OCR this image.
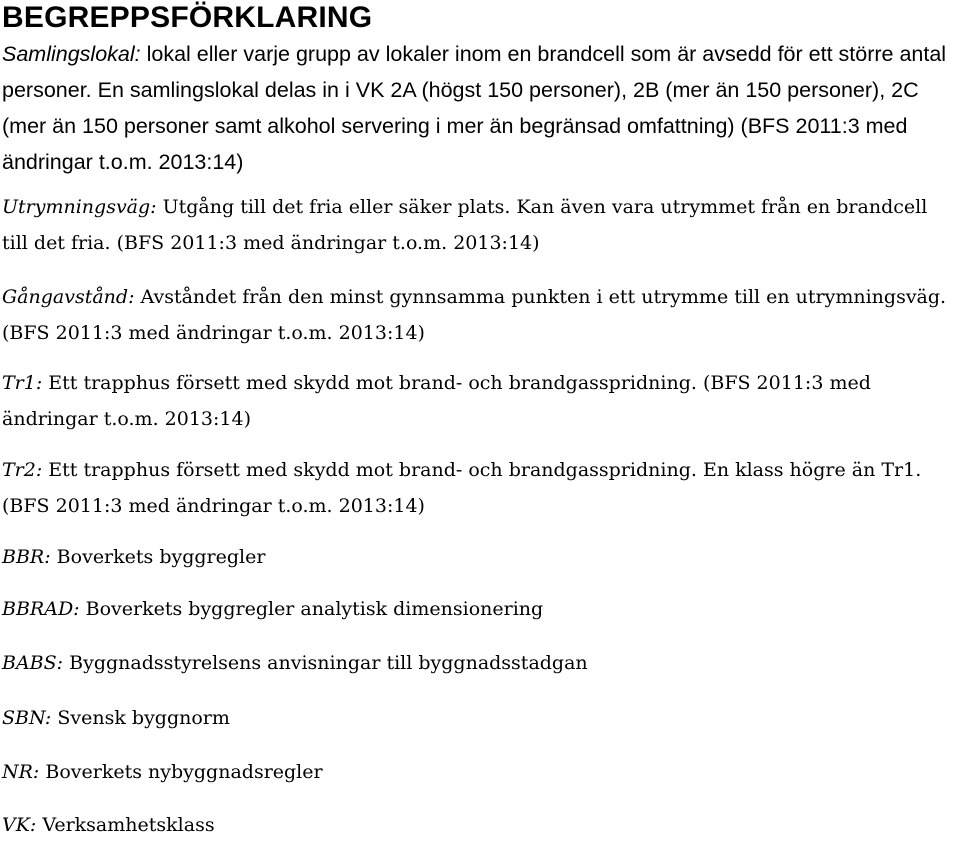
BEGREPPSFÖRKLARING

Samlingslokal: lokal eller varje grupp av lokaler inom en brandcell som är avsedd för ett större antal personer. En samlingslokal delas in i VK 2A (högst 150 personer), 2B (mer än 150 personer), 2C (mer än 150 personer samt alkohol servering i mer än begränsad omfattning) (BFS 2011:3 med ändringar t.o.m. 2013:14)

Utrymningsväg: Utgång till det fria eller säker plats. Kan även vara utrymmet från en brandcell till det fria. (BFS 2011:3 med ändringar t.o.m. 2013:14)

Gångavstånd: Avståndet från den minst gynnsamma punkten i ett utrymme till en utrymningsväg. (BFS 2011:3 med ändringar t.o.m. 2013:14)

Tr1: Ett trapphus försett med skydd mot brand- och brandgasspridning. (BFS 2011:3 med ändringar t.o.m. 2013:14)

Tr2: Ett trapphus försett med skydd mot brand- och brandgasspridning. En klass högre än Tr1. (BFS 2011:3 med ändringar t.o.m. 2013:14)

BBR: Boverkets byggregler

BBRAD: Boverkets byggregler analytisk dimensionering

BABS: Byggnadsstyrelsens anvisningar till byggnadsstadgan

SBN: Svensk byggnorm

NR: Boverkets nybyggnadsregler

VK: Verksamhetsklass
